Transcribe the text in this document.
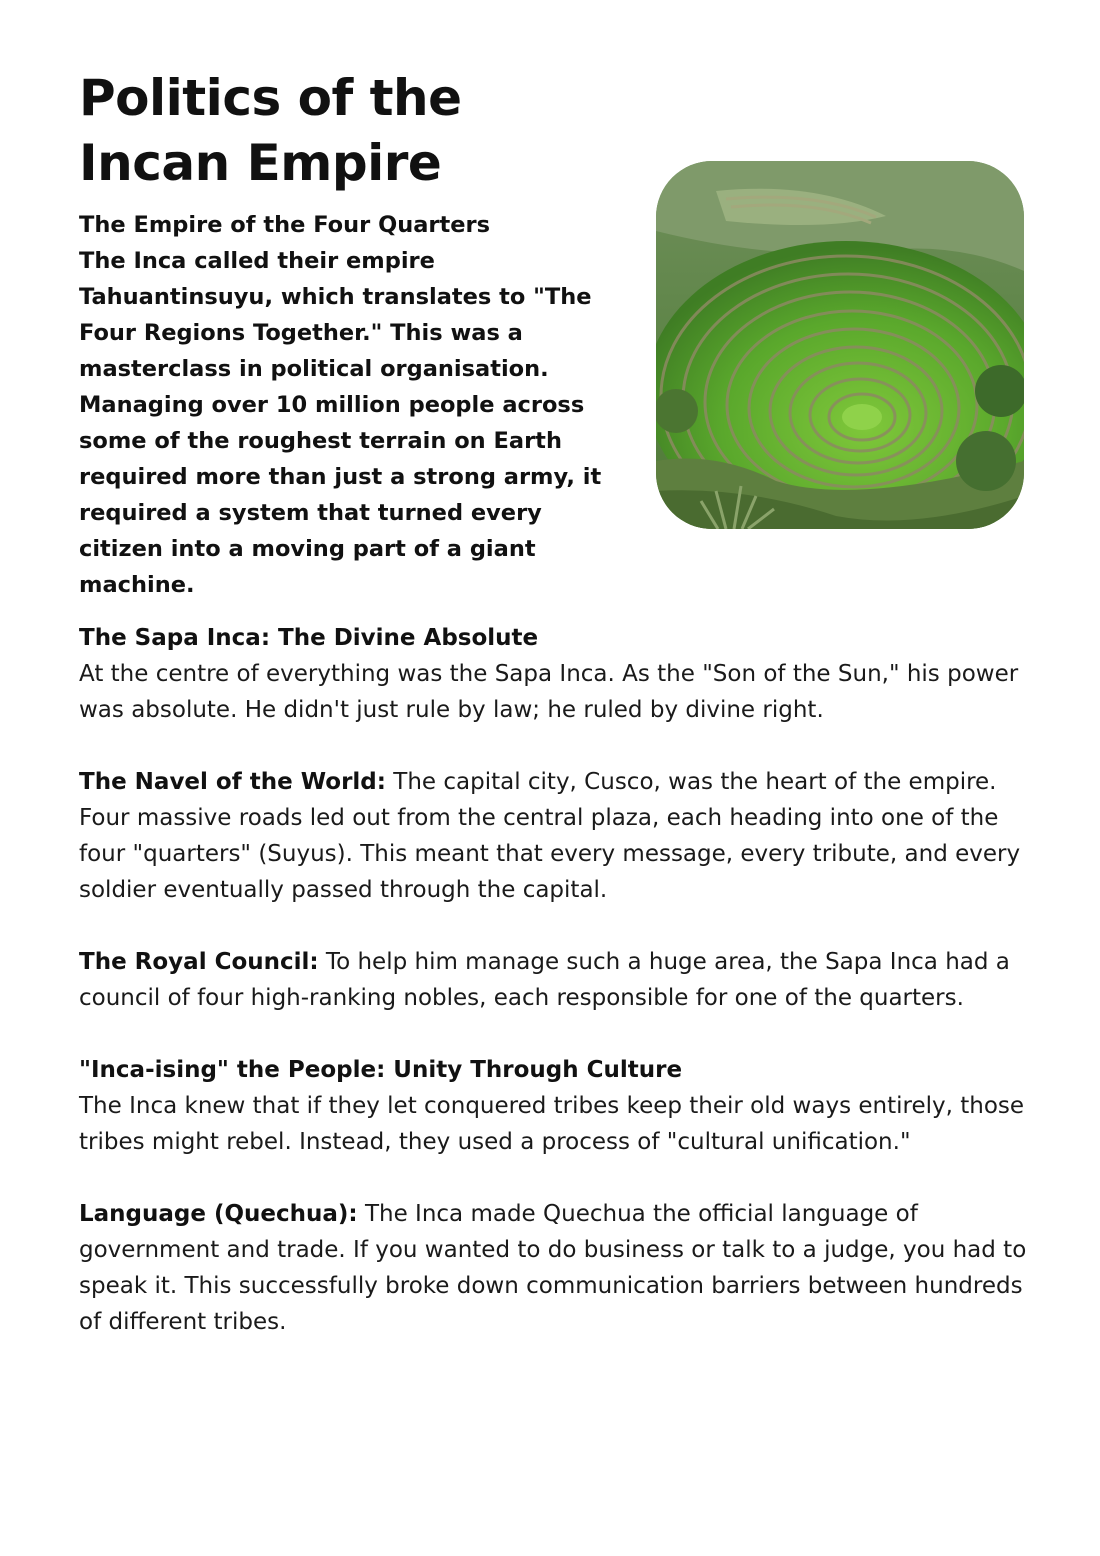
Politics of the
Incan Empire
The Empire of the Four Quarters
The Inca called their empire
Tahuantinsuyu, which translates to "The
Four Regions Together." This was a
masterclass in political organisation.
Managing over 10 million people across
some of the roughest terrain on Earth
required more than just a strong army, it
required a system that turned every
citizen into a moving part of a giant
machine.
The Sapa Inca: The Divine Absolute

At the centre of everything was the Sapa Inca. As the "Son of the Sun," his power was absolute. He didn't just rule by law; he ruled by divine right.

The Navel of the World: The capital city, Cusco, was the heart of the empire. Four massive roads led out from the central plaza, each heading into one of the four "quarters" (Suyus). This meant that every message, every tribute, and every soldier eventually passed through the capital.

The Royal Council: To help him manage such a huge area, the Sapa Inca had a council of four high-ranking nobles, each responsible for one of the quarters.

"Inca-ising" the People: Unity Through Culture

The Inca knew that if they let conquered tribes keep their old ways entirely, those tribes might rebel. Instead, they used a process of "cultural unification."

Language (Quechua): The Inca made Quechua the official language of government and trade. If you wanted to do business or talk to a judge, you had to speak it. This successfully broke down communication barriers between hundreds of different tribes.
